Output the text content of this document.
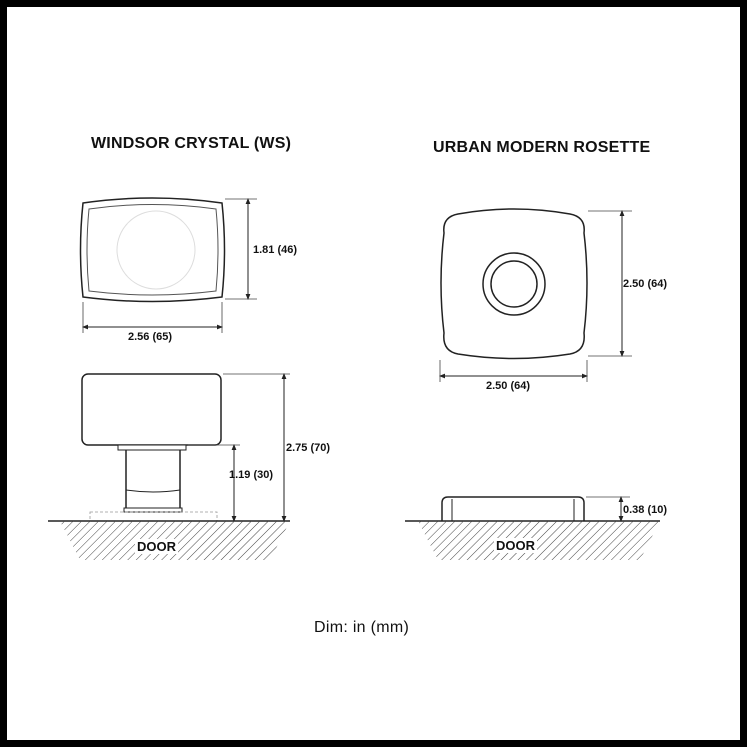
WINDSOR CRYSTAL (WS)	URBAN MODERN ROSETTE
1.81 (46)
2.56 (65)
1.19 (30)
2.75 (70)
DOOR
2.50 (64)
2.50 (64)
0.38 (10)
DOOR
Dim: in (mm)
